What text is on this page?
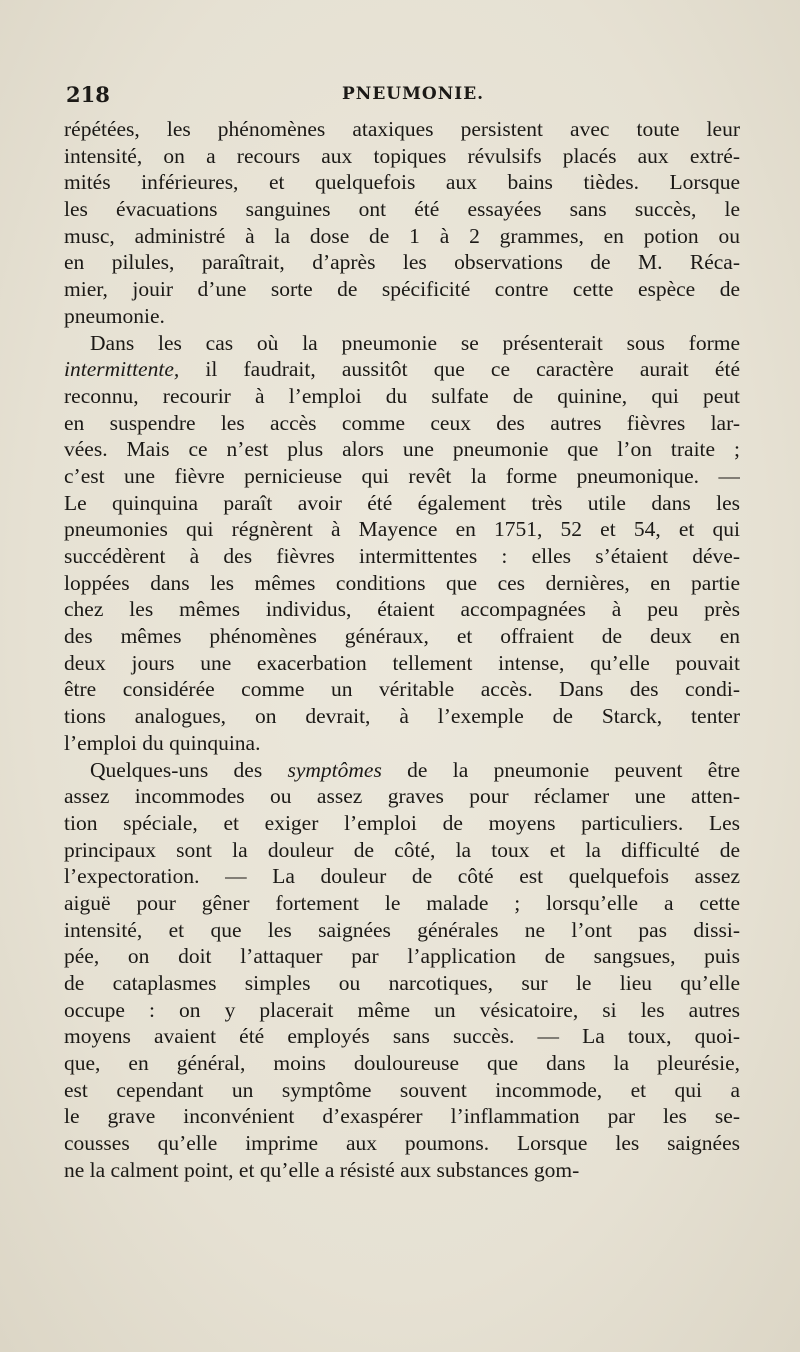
218	PNEUMONIE.
répétées, les phénomènes ataxiques persistent avec toute leur
intensité, on a recours aux topiques révulsifs placés aux extré-
mités inférieures, et quelquefois aux bains tièdes. Lorsque
les évacuations sanguines ont été essayées sans succès, le
musc, administré à la dose de 1 à 2 grammes, en potion ou
en pilules, paraîtrait, d’après les observations de M. Réca-
mier, jouir d’une sorte de spécificité contre cette espèce de
pneumonie.
Dans les cas où la pneumonie se présenterait sous forme
intermittente, il faudrait, aussitôt que ce caractère aurait été
reconnu, recourir à l’emploi du sulfate de quinine, qui peut
en suspendre les accès comme ceux des autres fièvres lar-
vées. Mais ce n’est plus alors une pneumonie que l’on traite ;
c’est une fièvre pernicieuse qui revêt la forme pneumonique. —
Le quinquina paraît avoir été également très utile dans les
pneumonies qui régnèrent à Mayence en 1751, 52 et 54, et qui
succédèrent à des fièvres intermittentes : elles s’étaient déve-
loppées dans les mêmes conditions que ces dernières, en partie
chez les mêmes individus, étaient accompagnées à peu près
des mêmes phénomènes généraux, et offraient de deux en
deux jours une exacerbation tellement intense, qu’elle pouvait
être considérée comme un véritable accès. Dans des condi-
tions analogues, on devrait, à l’exemple de Starck, tenter
l’emploi du quinquina.
Quelques-uns des symptômes de la pneumonie peuvent être
assez incommodes ou assez graves pour réclamer une atten-
tion spéciale, et exiger l’emploi de moyens particuliers. Les
principaux sont la douleur de côté, la toux et la difficulté de
l’expectoration. — La douleur de côté est quelquefois assez
aiguë pour gêner fortement le malade ; lorsqu’elle a cette
intensité, et que les saignées générales ne l’ont pas dissi-
pée, on doit l’attaquer par l’application de sangsues, puis
de cataplasmes simples ou narcotiques, sur le lieu qu’elle
occupe : on y placerait même un vésicatoire, si les autres
moyens avaient été employés sans succès. — La toux, quoi-
que, en général, moins douloureuse que dans la pleurésie,
est cependant un symptôme souvent incommode, et qui a
le grave inconvénient d’exaspérer l’inflammation par les se-
cousses qu’elle imprime aux poumons. Lorsque les saignées
ne la calment point, et qu’elle a résisté aux substances gom-
